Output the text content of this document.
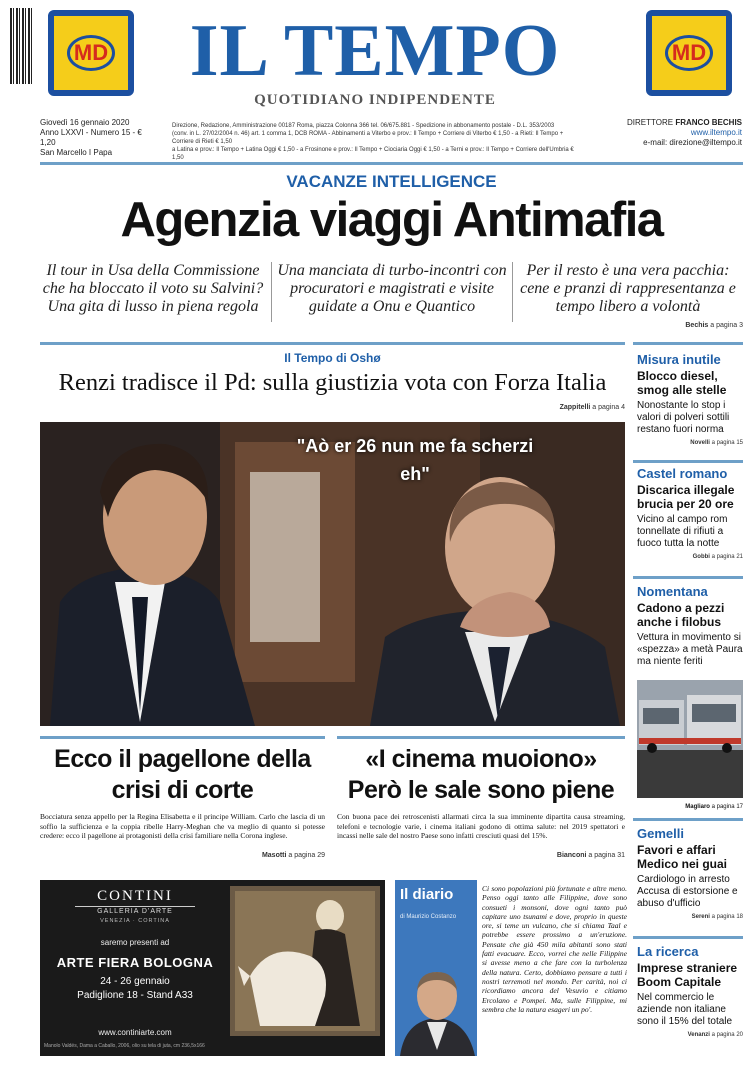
MD	MD
IL TEMPO
QUOTIDIANO INDIPENDENTE
Giovedì 16 gennaio 2020
Anno LXXVI - Numero 15 - € 1,20
San Marcello I Papa
Direzione, Redazione, Amministrazione 00187 Roma, piazza Colonna 366 tel. 06/675.881 - Spedizione in abbonamento postale - D.L. 353/2003
(conv. in L. 27/02/2004 n. 46) art. 1 comma 1, DCB ROMA - Abbinamenti a Viterbo e prov.: Il Tempo + Corriere di Viterbo € 1,50 - a Rieti: Il Tempo + Corriere di Rieti € 1,50
a Latina e prov.: Il Tempo + Latina Oggi € 1,50 - a Frosinone e prov.: Il Tempo + Ciociaria Oggi € 1,50 - a Terni e prov.: Il Tempo + Corriere dell'Umbria € 1,50
DIRETTORE FRANCO BECHIS
www.iltempo.it
e-mail: direzione@iltempo.it
VACANZE INTELLIGENCE
Agenzia viaggi Antimafia
Il tour in Usa della Commissione che ha bloccato il voto su Salvini? Una gita di lusso in piena regola
Una manciata di turbo-incontri con procuratori e magistrati e visite guidate a Onu e Quantico
Per il resto è una vera pacchia: cene e pranzi di rappresentanza e tempo libero a volontà
Bechis a pagina 3
Il Tempo di Oshø
Renzi tradisce il Pd: sulla giustizia vota con Forza Italia
Zappitelli a pagina 4
"Aò er 26 nun me fa scherzi eh"
Ecco il pagellone della crisi di corte
Bocciatura senza appello per la Regina Elisabetta e il principe William. Carlo che lascia di un soffio la sufficienza e la coppia ribelle Harry-Meghan che va meglio di quanto si potesse credere: ecco il pagellone ai protagonisti della crisi familiare nella Corona inglese.
Masotti a pagina 29
«I cinema muoiono» Però le sale sono piene
Con buona pace dei retroscenisti allarmati circa la sua imminente dipartita causa streaming, telefoni e tecnologie varie, i cinema italiani godono di ottima salute: nel 2019 spettatori e incassi nelle sale del nostro Paese sono infatti cresciuti quasi del 15%.
Bianconi a pagina 31
CONTINI
GALLERIA D'ARTE
VENEZIA · CORTINA
saremo presenti ad
ARTE FIERA BOLOGNA
24 - 26 gennaio
Padiglione 18 - Stand A33
www.continiarte.com
Manolo Valdés, Dama a Caballo, 2006, olio su tela di juta, cm 236,5x166
Il diario
di Maurizio Costanzo
Ci sono popolazioni più fortunate e altre meno. Penso oggi tanto alle Filippine, dove sono consueti i monsoni, dove ogni tanto può capitare uno tsunami e dove, proprio in queste ore, si teme un vulcano, che si chiama Taal e potrebbe essere prossimo a un'eruzione. Pensate che già 450 mila abitanti sono stati fatti evacuare. Ecco, vorrei che nelle Filippine si avesse meno a che fare con la turbolenza della natura. Certo, dobbiamo pensare a tutti i nostri terremoti nel mondo. Per carità, noi ci ricordiamo ancora del Vesuvio e citiamo Ercolano e Pompei. Ma, sulle Filippine, mi sembra che la natura esageri un po'.
Misura inutile
Blocco diesel, smog alle stelle
Nonostante lo stop i valori di polveri sottili restano fuori norma
Novelli a pagina 15
Castel romano
Discarica illegale brucia per 20 ore
Vicino al campo rom tonnellate di rifiuti a fuoco tutta la notte
Gobbi a pagina 21
Nomentana
Cadono a pezzi anche i filobus
Vettura in movimento si «spezza» a metà Paura ma niente feriti
Magliaro a pagina 17
Gemelli
Favori e affari Medico nei guai
Cardiologo in arresto Accusa di estorsione e abuso d'ufficio
Sereni a pagina 18
La ricerca
Imprese straniere Boom Capitale
Nel commercio le aziende non italiane sono il 15% del totale
Venanzi a pagina 20
